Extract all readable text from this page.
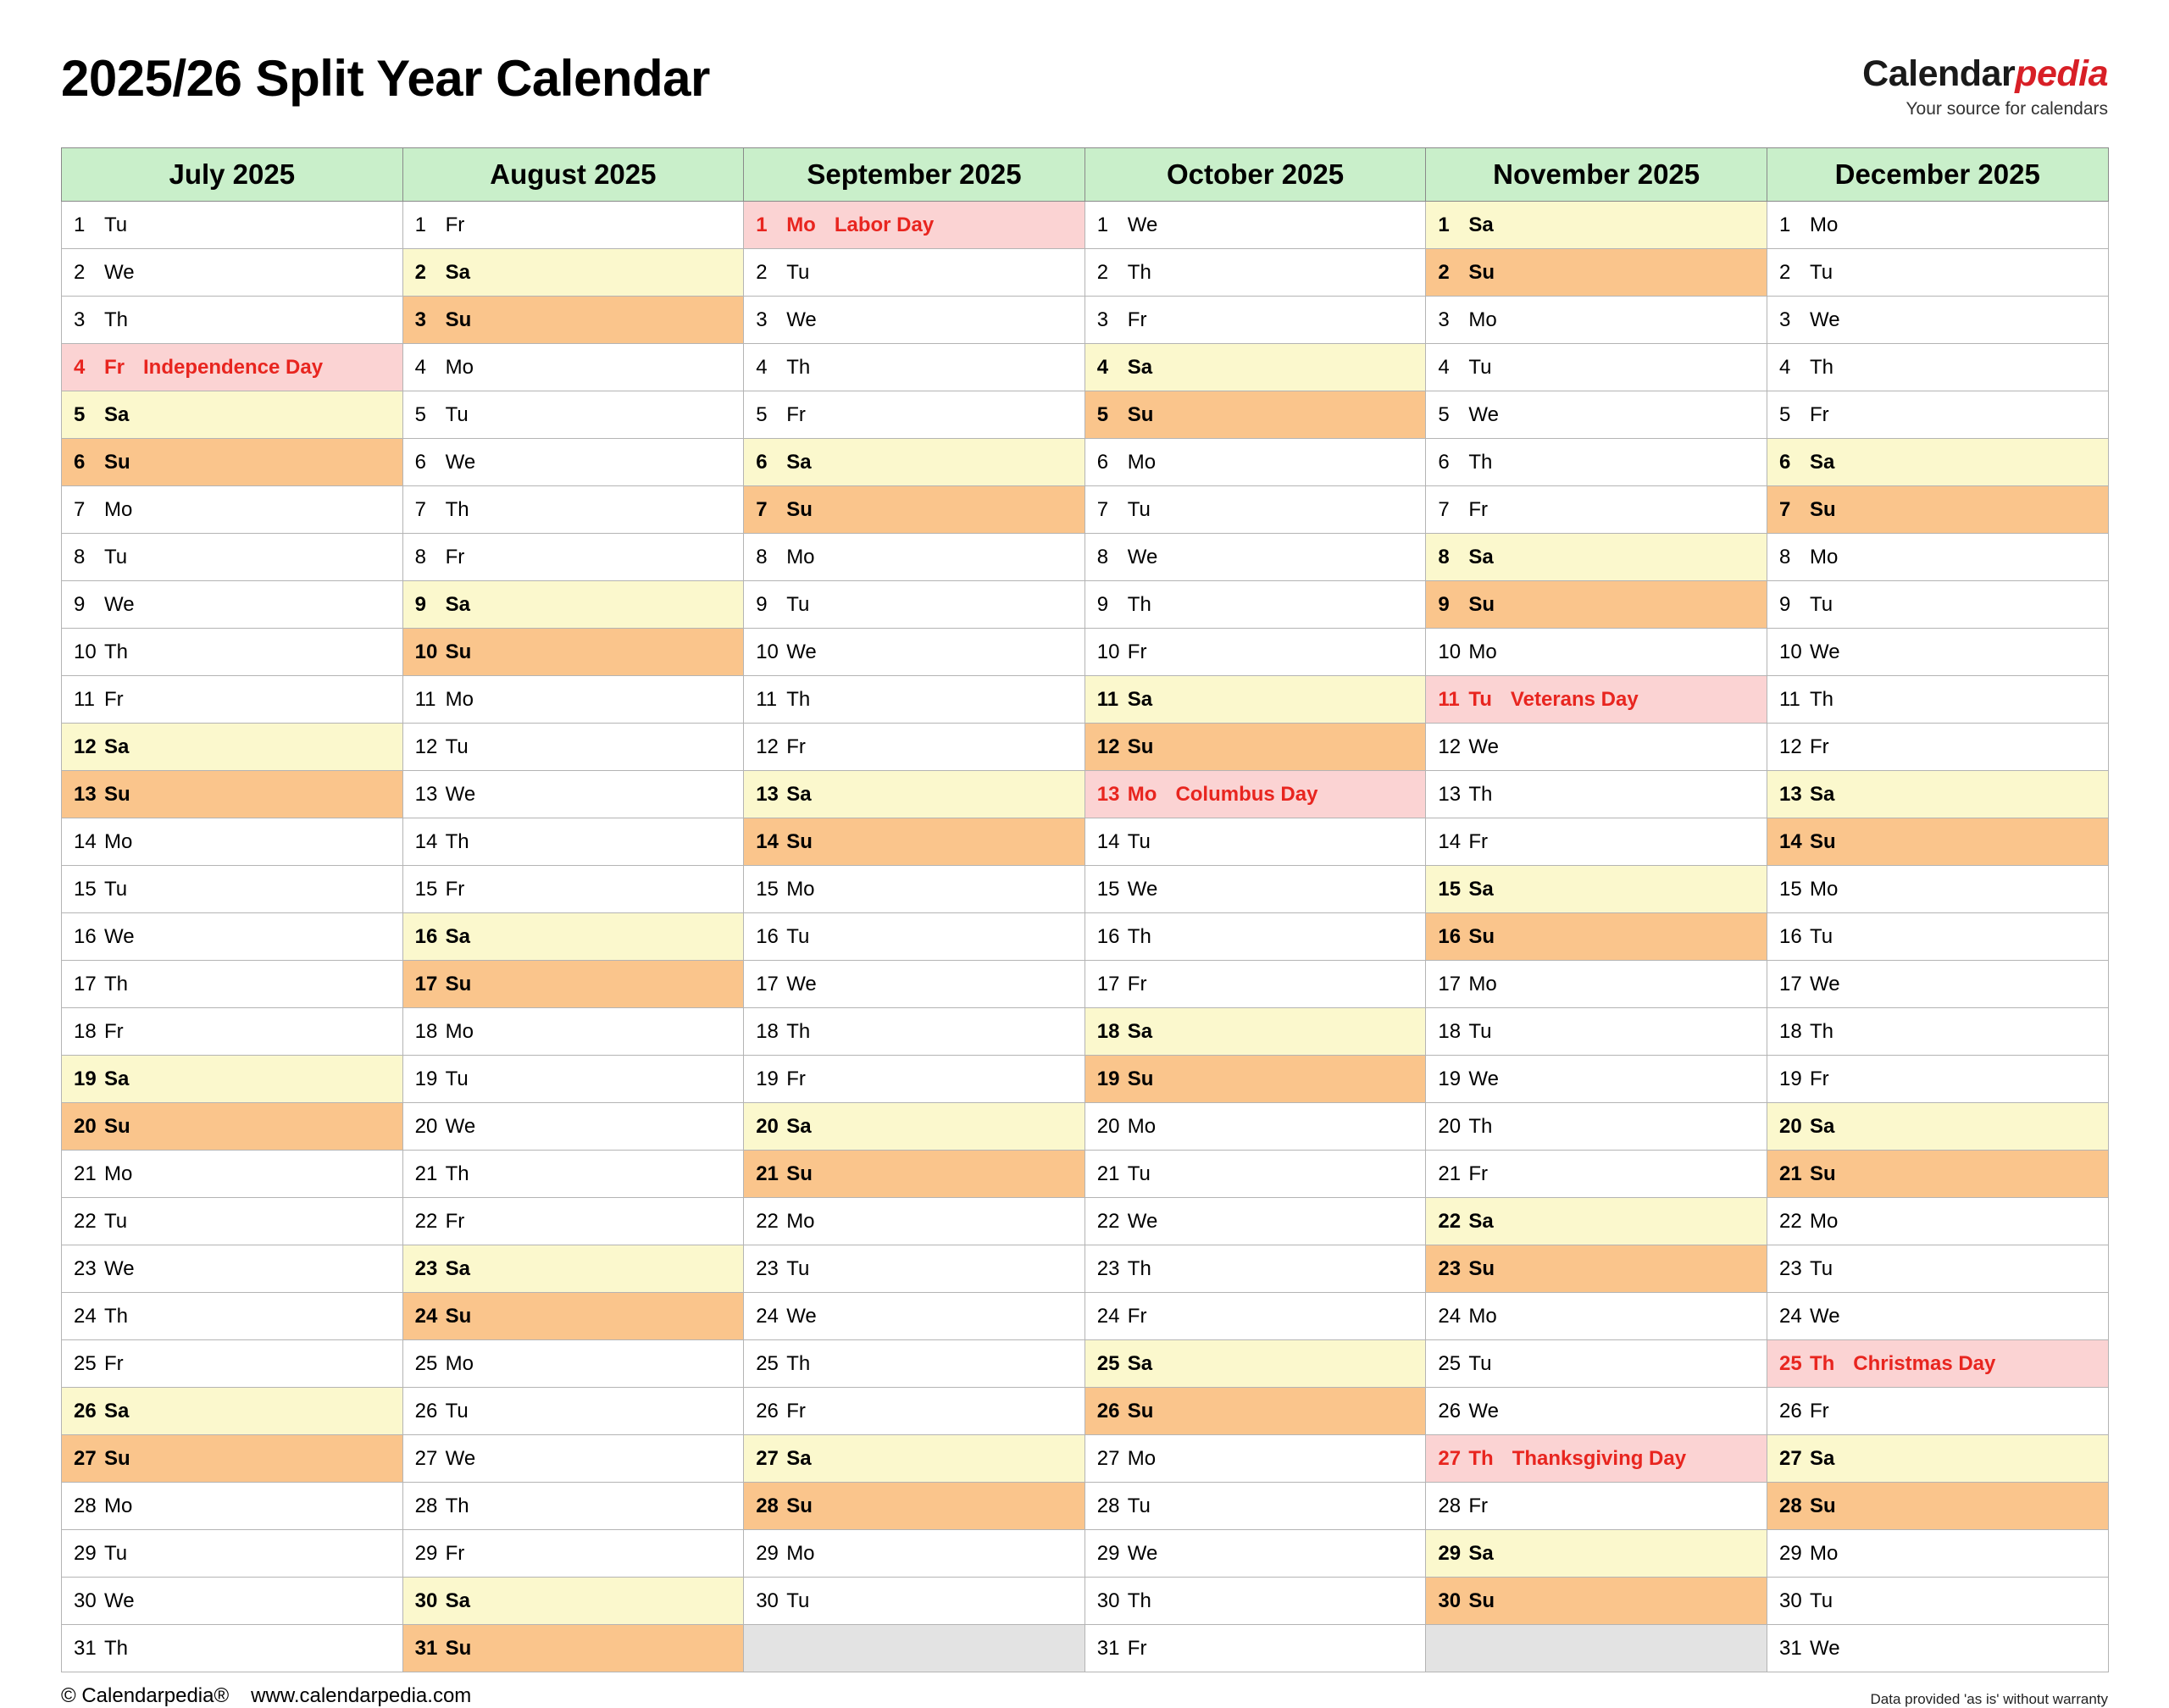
2025/26 Split Year Calendar	Calendarpedia
Your source for calendars
July 2025	August 2025	September 2025	October 2025	November 2025	December 2025
1 Tu	1 Fr	1 Mo Labor Day	1 We	1 Sa	1 Mo
2 We	2 Sa	2 Tu	2 Th	2 Su	2 Tu
3 Th	3 Su	3 We	3 Fr	3 Mo	3 We
4 Fr Independence Day	4 Mo	4 Th	4 Sa	4 Tu	4 Th
5 Sa	5 Tu	5 Fr	5 Su	5 We	5 Fr
6 Su	6 We	6 Sa	6 Mo	6 Th	6 Sa
7 Mo	7 Th	7 Su	7 Tu	7 Fr	7 Su
8 Tu	8 Fr	8 Mo	8 We	8 Sa	8 Mo
9 We	9 Sa	9 Tu	9 Th	9 Su	9 Tu
10 Th	10 Su	10 We	10 Fr	10 Mo	10 We
11 Fr	11 Mo	11 Th	11 Sa	11 Tu Veterans Day	11 Th
12 Sa	12 Tu	12 Fr	12 Su	12 We	12 Fr
13 Su	13 We	13 Sa	13 Mo Columbus Day	13 Th	13 Sa
14 Mo	14 Th	14 Su	14 Tu	14 Fr	14 Su
15 Tu	15 Fr	15 Mo	15 We	15 Sa	15 Mo
16 We	16 Sa	16 Tu	16 Th	16 Su	16 Tu
17 Th	17 Su	17 We	17 Fr	17 Mo	17 We
18 Fr	18 Mo	18 Th	18 Sa	18 Tu	18 Th
19 Sa	19 Tu	19 Fr	19 Su	19 We	19 Fr
20 Su	20 We	20 Sa	20 Mo	20 Th	20 Sa
21 Mo	21 Th	21 Su	21 Tu	21 Fr	21 Su
22 Tu	22 Fr	22 Mo	22 We	22 Sa	22 Mo
23 We	23 Sa	23 Tu	23 Th	23 Su	23 Tu
24 Th	24 Su	24 We	24 Fr	24 Mo	24 We
25 Fr	25 Mo	25 Th	25 Sa	25 Tu	25 Th Christmas Day
26 Sa	26 Tu	26 Fr	26 Su	26 We	26 Fr
27 Su	27 We	27 Sa	27 Mo	27 Th Thanksgiving Day	27 Sa
28 Mo	28 Th	28 Su	28 Tu	28 Fr	28 Su
29 Tu	29 Fr	29 Mo	29 We	29 Sa	29 Mo
30 We	30 Sa	30 Tu	30 Th	30 Su	30 Tu
31 Th	31 Su		31 Fr		31 We
© Calendarpedia® www.calendarpedia.com	Data provided 'as is' without warranty
